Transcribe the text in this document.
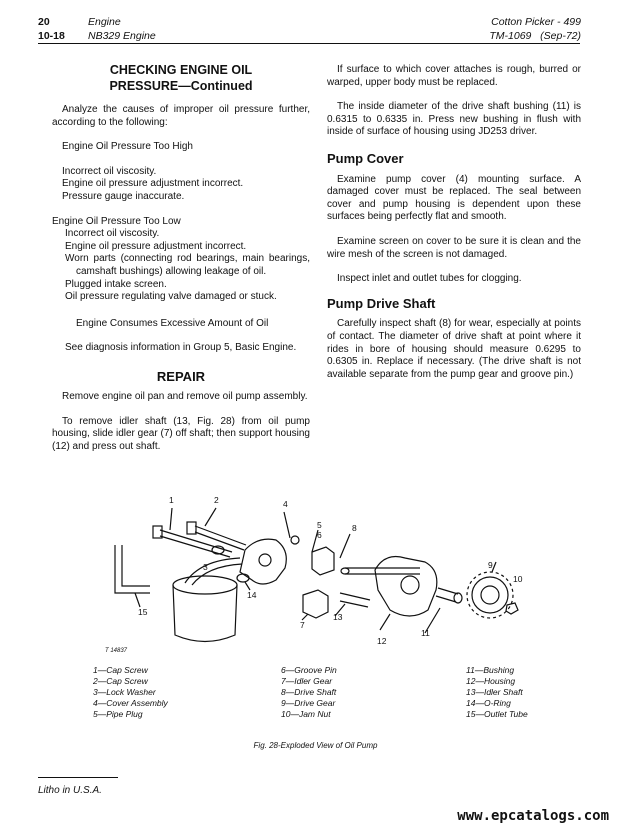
20	Engine
10-18 NB329 Engine
Cotton Picker - 499
TM-1069   (Sep-72)

CHECKING ENGINE OIL

PRESSURE—Continued

Analyze the causes of improper oil pressure further, according to the following:

Engine Oil Pressure Too High

Incorrect oil viscosity.

Engine oil pressure adjustment incorrect.

Pressure gauge inaccurate.

Engine Oil Pressure Too Low

Incorrect oil viscosity.

Engine oil pressure adjustment incorrect.

Worn parts (connecting rod bearings, main bearings, camshaft bushings) allowing leakage of oil.

Plugged intake screen.

Oil pressure regulating valve damaged or stuck.

Engine Consumes Excessive Amount of Oil

See diagnosis information in Group 5, Basic Engine.

REPAIR

Remove engine oil pan and remove oil pump assembly.

To remove idler shaft (13, Fig. 28) from oil pump housing, slide idler gear (7) off shaft; then support housing (12) and press out shaft.

If surface to which cover attaches is rough, burred or warped, upper body must be replaced.

The inside diameter of the drive shaft bushing (11) is 0.6315 to 0.6335 in. Press new bushing in flush with inside of surface of housing using JD253 driver.

Pump Cover

Examine pump cover (4) mounting surface. A damaged cover must be replaced. The seal between cover and pump housing is dependent upon these surfaces being perfectly flat and smooth.

Examine screen on cover to be sure it is clean and the wire mesh of the screen is not damaged.

Inspect inlet and outlet tubes for clogging.

Pump Drive Shaft

Carefully inspect shaft (8) for wear, especially at points of contact. The diameter of drive shaft at point where it rides in bore of housing should measure 0.6295 to 0.6305 in. Replace if necessary. (The drive shaft is not available separate from the pump gear and groove pin.)

T 14837
1	2
3
4
5
6
7
8
9
10
11
12
13
14
15
1—Cap Screw
2—Cap Screw
3—Lock Washer
4—Cover Assembly
5—Pipe Plug
6—Groove Pin
7—Idler Gear
8—Drive Shaft
9—Drive Gear
10—Jam Nut
11—Bushing
12—Housing
13—Idler Shaft
14—O-Ring
15—Outlet Tube
Fig. 28-Exploded View of Oil Pump
Litho in U.S.A.
www.epcatalogs.com
